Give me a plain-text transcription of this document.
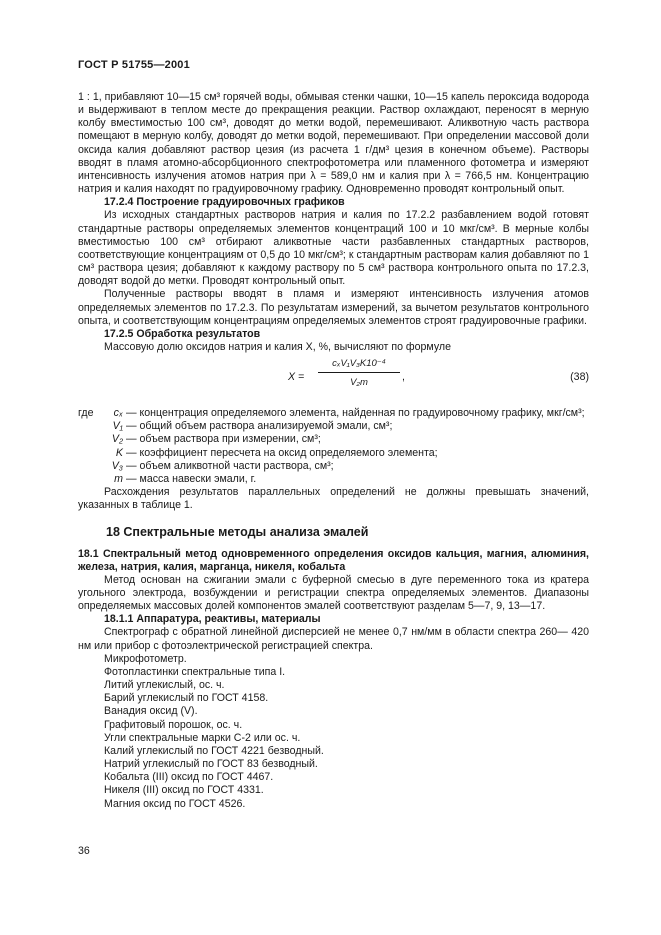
ГОСТ Р 51755—2001

1 : 1, прибавляют 10—15 см³ горячей воды, обмывая стенки чашки, 10—15 капель пероксида водорода и выдерживают в теплом месте до прекращения реакции. Раствор охлаждают, переносят в мерную колбу вместимостью 100 см³, доводят до метки водой, перемешивают. Аликвотную часть раствора помещают в мерную колбу, доводят до метки водой, перемешивают. При определении массовой доли оксида калия добавляют раствор цезия (из расчета 1 г/дм³ цезия в конечном объеме). Растворы вводят в пламя атомно-абсорбционного спектрофотометра или пламенного фотометра и измеряют интенсивность излучения атомов натрия при λ = 589,0 нм и калия при λ = 766,5 нм. Концентрацию натрия и калия находят по градуировочному графику. Одновременно проводят контрольный опыт.

17.2.4 Построение градуировочных графиков

Из исходных стандартных растворов натрия и калия по 17.2.2 разбавлением водой готовят стандартные растворы определяемых элементов концентраций 100 и 10 мкг/см³. В мерные колбы вместимостью 100 см³ отбирают аликвотные части разбавленных стандартных растворов, соответствующие концентрациям от 0,5 до 10 мкг/см³; к стандартным растворам калия добавляют по 1 см³ раствора цезия; добавляют к каждому раствору по 5 см³ раствора контрольного опыта по 17.2.3, доводят водой до метки. Проводят контрольный опыт.

Полученные растворы вводят в пламя и измеряют интенсивность излучения атомов определяемых элементов по 17.2.3. По результатам измерений, за вычетом результатов контрольного опыта, и соответствующим концентрациям определяемых элементов строят градуировочные графики.

17.2.5 Обработка результатов

Массовую долю оксидов натрия и калия X, %, вычисляют по формуле

X =
cₓV₁V₃K10⁻⁴
V₂m	,	(38)
где	cₓ — концентрация определяемого элемента, найденная по градуировочному графику, мкг/см³;
V₁ — общий объем раствора анализируемой эмали, см³;
V₂ — объем раствора при измерении, см³;
K — коэффициент пересчета на оксид определяемого элемента;
V₃ — объем аликвотной части раствора, см³;
m — масса навески эмали, г.

Расхождения результатов параллельных определений не должны превышать значений, указанных в таблице 1.

18 Спектральные методы анализа эмалей

18.1 Спектральный метод одновременного определения оксидов кальция, магния, алюминия, железа, натрия, калия, марганца, никеля, кобальта

Метод основан на сжигании эмали с буферной смесью в дуге переменного тока из кратера угольного электрода, возбуждении и регистрации спектра определяемых элементов. Диапазоны определяемых массовых долей компонентов эмалей соответствуют разделам 5—7, 9, 13—17.

18.1.1 Аппаратура, реактивы, материалы

Спектрограф с обратной линейной дисперсией не менее 0,7 нм/мм в области спектра 260— 420 нм или прибор с фотоэлектрической регистрацией спектра.

Микрофотометр.

Фотопластинки спектральные типа I.

Литий углекислый, ос. ч.

Барий углекислый по ГОСТ 4158.

Ванадия оксид (V).

Графитовый порошок, ос. ч.

Угли спектральные марки С-2 или ос. ч.

Калий углекислый по ГОСТ 4221 безводный.

Натрий углекислый по ГОСТ 83 безводный.

Кобальта (III) оксид по ГОСТ 4467.

Никеля (III) оксид по ГОСТ 4331.

Магния оксид по ГОСТ 4526.

36
